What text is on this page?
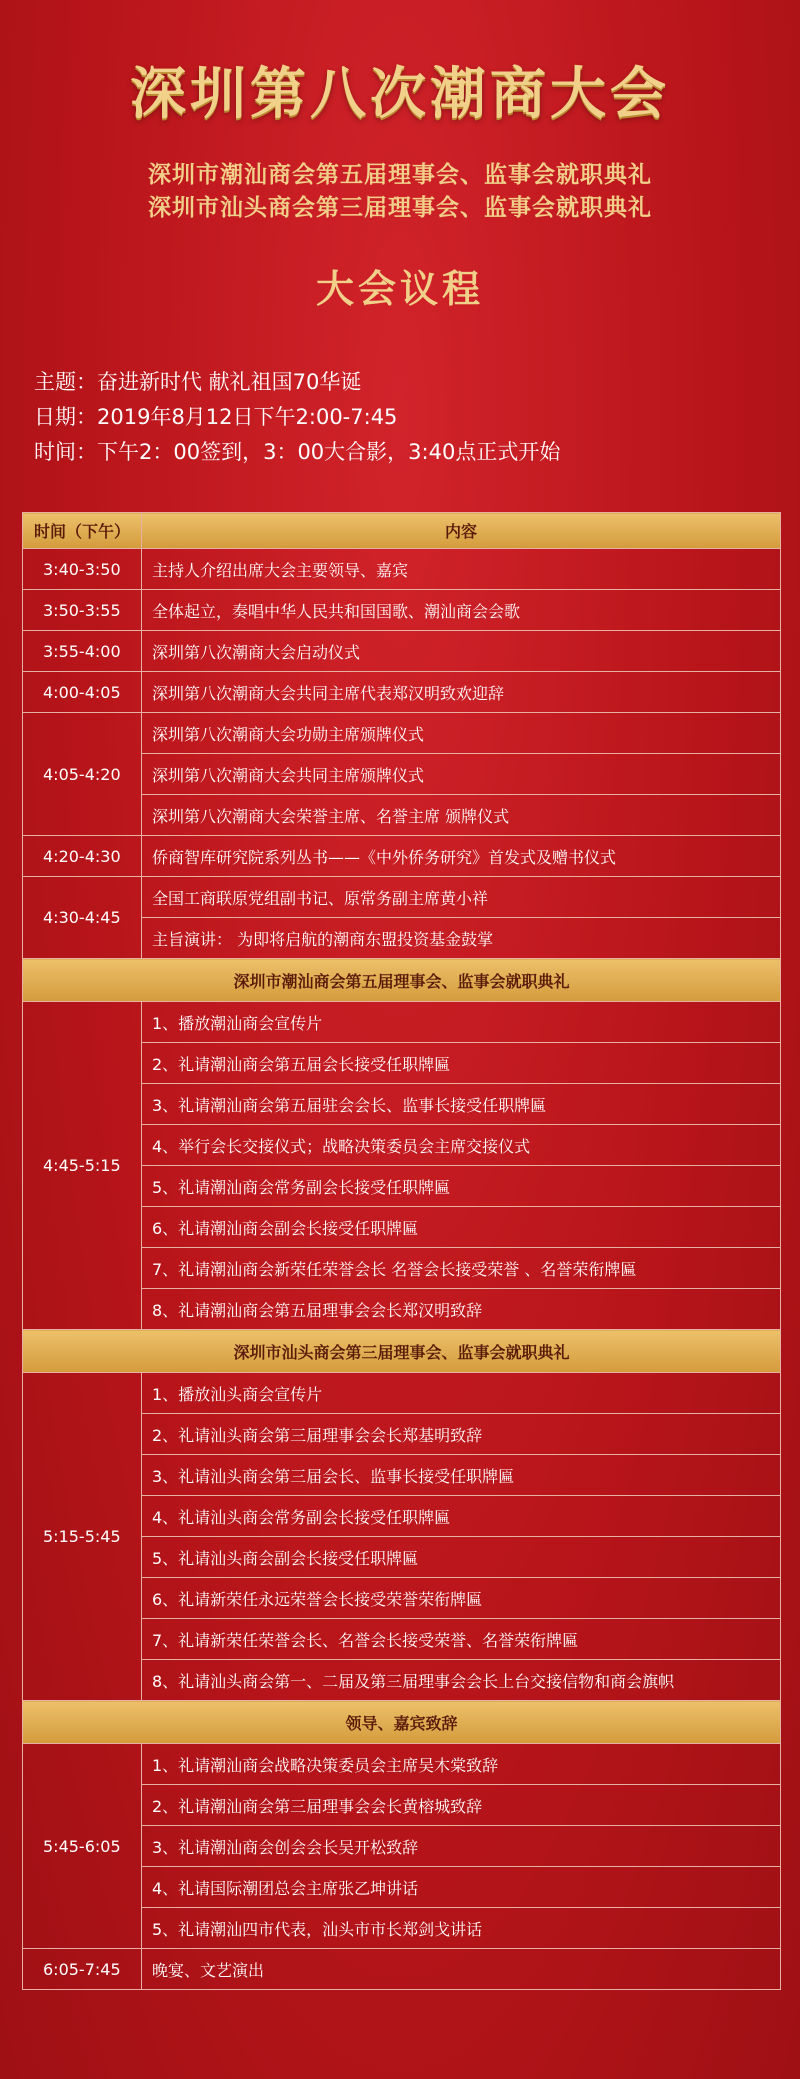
深圳第八次潮商大会
深圳市潮汕商会第五届理事会、监事会就职典礼
深圳市汕头商会第三届理事会、监事会就职典礼
大会议程
主题：奋进新时代 献礼祖国70华诞
日期：2019年8月12日下午2:00-7:45
时间：下午2：00签到，3：00大合影，3:40点正式开始
时间（下午）	内容
3:40-3:50	主持人介绍出席大会主要领导、嘉宾
3:50-3:55	全体起立，奏唱中华人民共和国国歌、潮汕商会会歌
3:55-4:00	深圳第八次潮商大会启动仪式
4:00-4:05	深圳第八次潮商大会共同主席代表郑汉明致欢迎辞
4:05-4:20	深圳第八次潮商大会功勋主席颁牌仪式
	深圳第八次潮商大会共同主席颁牌仪式
	深圳第八次潮商大会荣誉主席、名誉主席 颁牌仪式
4:20-4:30	侨商智库研究院系列丛书——《中外侨务研究》首发式及赠书仪式
4:30-4:45	全国工商联原党组副书记、原常务副主席黄小祥
	主旨演讲： 为即将启航的潮商东盟投资基金鼓掌
深圳市潮汕商会第五届理事会、监事会就职典礼	
4:45-5:15	1、播放潮汕商会宣传片
	2、礼请潮汕商会第五届会长接受任职牌匾
	3、礼请潮汕商会第五届驻会会长、监事长接受任职牌匾
	4、举行会长交接仪式；战略决策委员会主席交接仪式
	5、礼请潮汕商会常务副会长接受任职牌匾
	6、礼请潮汕商会副会长接受任职牌匾
	7、礼请潮汕商会新荣任荣誉会长 名誉会长接受荣誉 、名誉荣衔牌匾
	8、礼请潮汕商会第五届理事会会长郑汉明致辞
深圳市汕头商会第三届理事会、监事会就职典礼	
5:15-5:45	1、播放汕头商会宣传片
	2、礼请汕头商会第三届理事会会长郑基明致辞
	3、礼请汕头商会第三届会长、监事长接受任职牌匾
	4、礼请汕头商会常务副会长接受任职牌匾
	5、礼请汕头商会副会长接受任职牌匾
	6、礼请新荣任永远荣誉会长接受荣誉荣衔牌匾
	7、礼请新荣任荣誉会长、名誉会长接受荣誉、名誉荣衔牌匾
	8、礼请汕头商会第一、二届及第三届理事会会长上台交接信物和商会旗帜
领导、嘉宾致辞	
5:45-6:05	1、礼请潮汕商会战略决策委员会主席吴木棠致辞
	2、礼请潮汕商会第三届理事会会长黄榕城致辞
	3、礼请潮汕商会创会会长吴开松致辞
	4、礼请国际潮团总会主席张乙坤讲话
	5、礼请潮汕四市代表，汕头市市长郑剑戈讲话
6:05-7:45	晚宴、文艺演出
